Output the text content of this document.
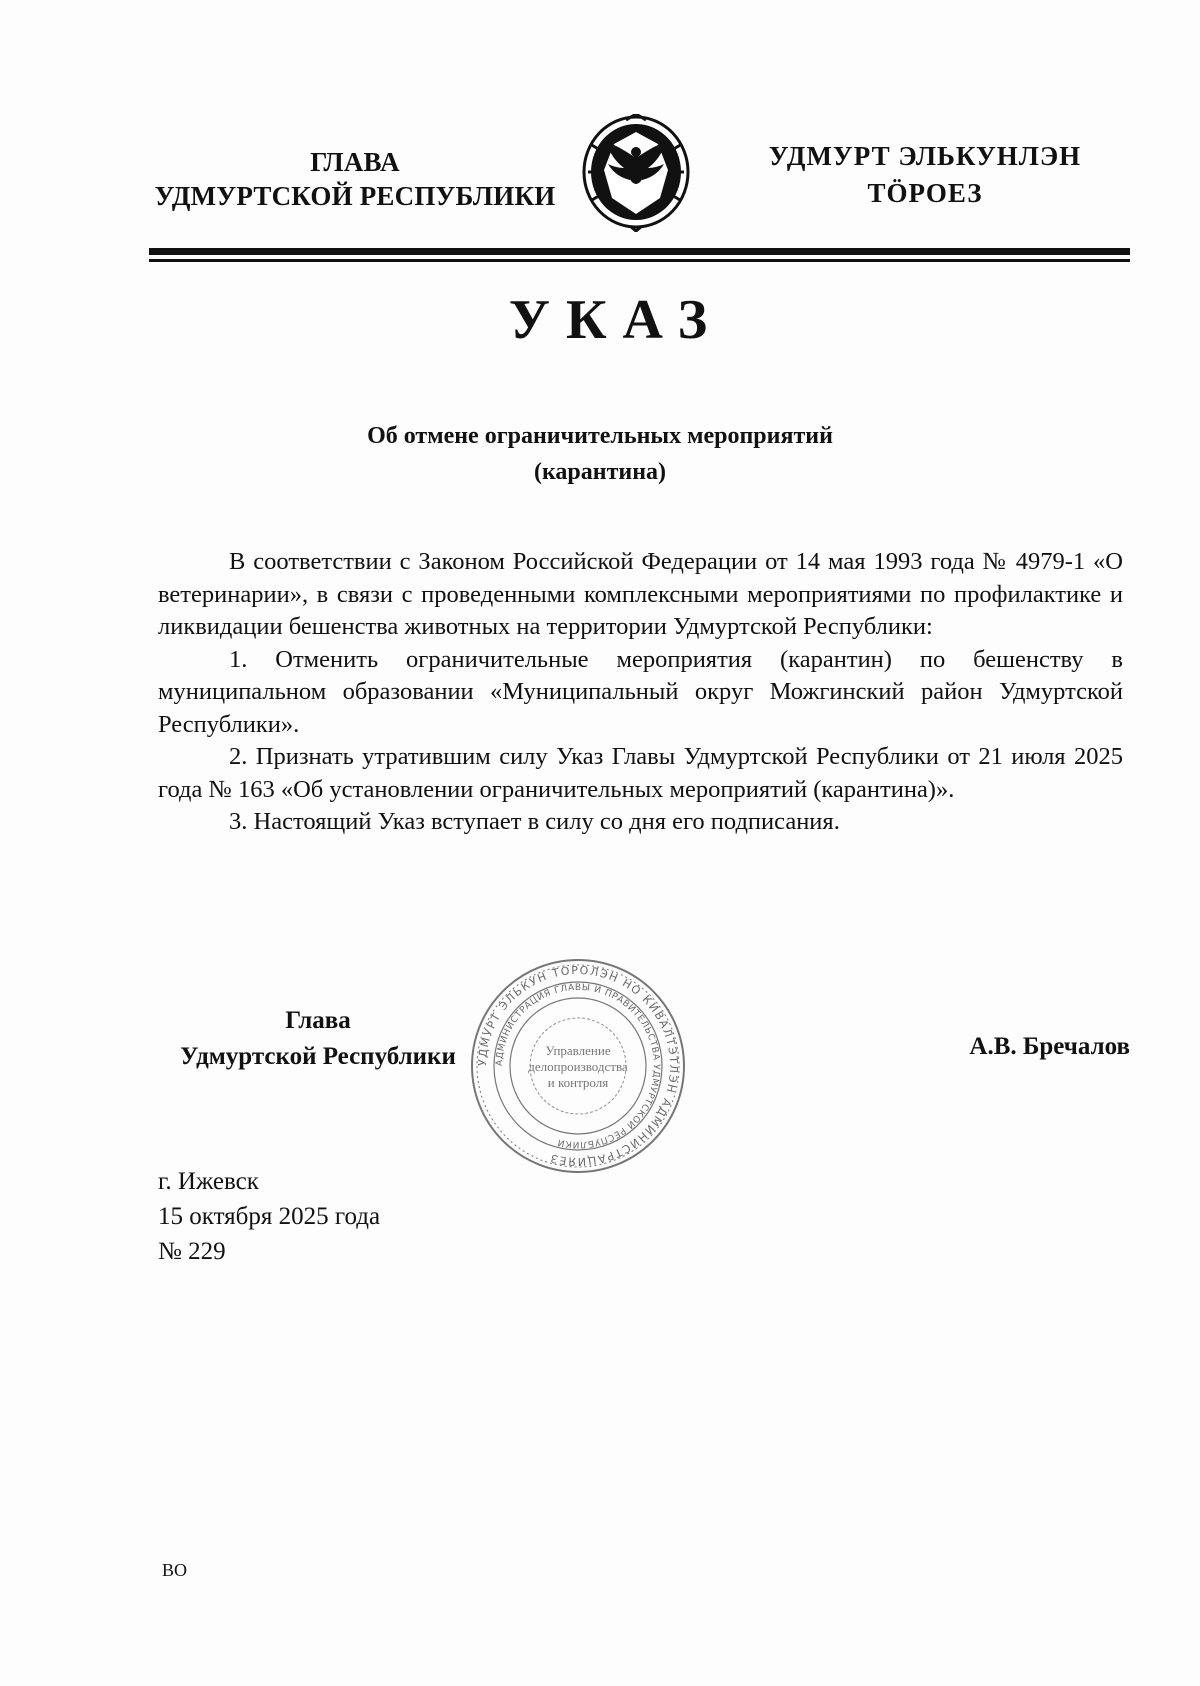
ГЛАВА
УДМУРТСКОЙ РЕСПУБЛИКИ
УДМУРТ ЭЛЬКУНЛЭН
ТÖРОЕЗ
УКАЗ
Об отмене ограничительных мероприятий
(карантина)

В соответствии с Законом Российской Федерации от 14 мая 1993 года № 4979-1 «О ветеринарии», в связи с проведенными комплексными мероприятиями по профилактике и ликвидации бешенства животных на территории Удмуртской Республики:

1. Отменить ограничительные мероприятия (карантин) по бешенству в муниципальном образовании «Муниципальный округ Можгинский район Удмуртской Республики».

2. Признать утратившим силу Указ Главы Удмуртской Республики от 21 июля 2025 года № 163 «Об установлении ограничительных мероприятий (карантина)».

3. Настоящий Указ вступает в силу со дня его подписания.

Глава
Удмуртской Республики	УДМУРТ ЭЛЬКУН ТОРОЛЭН НО КИВАЛТЭТЛЭН АДМИНИСТРАЦИЯЕЗ
АДМИНИСТРАЦИЯ ГЛАВЫ И ПРАВИТЕЛЬСТВА УДМУРТСКОЙ РЕСПУБЛИКИ
Управление
делопроизводства
и контроля
А.В. Бречалов
г. Ижевск
15 октября 2025 года
№ 229
ВО
